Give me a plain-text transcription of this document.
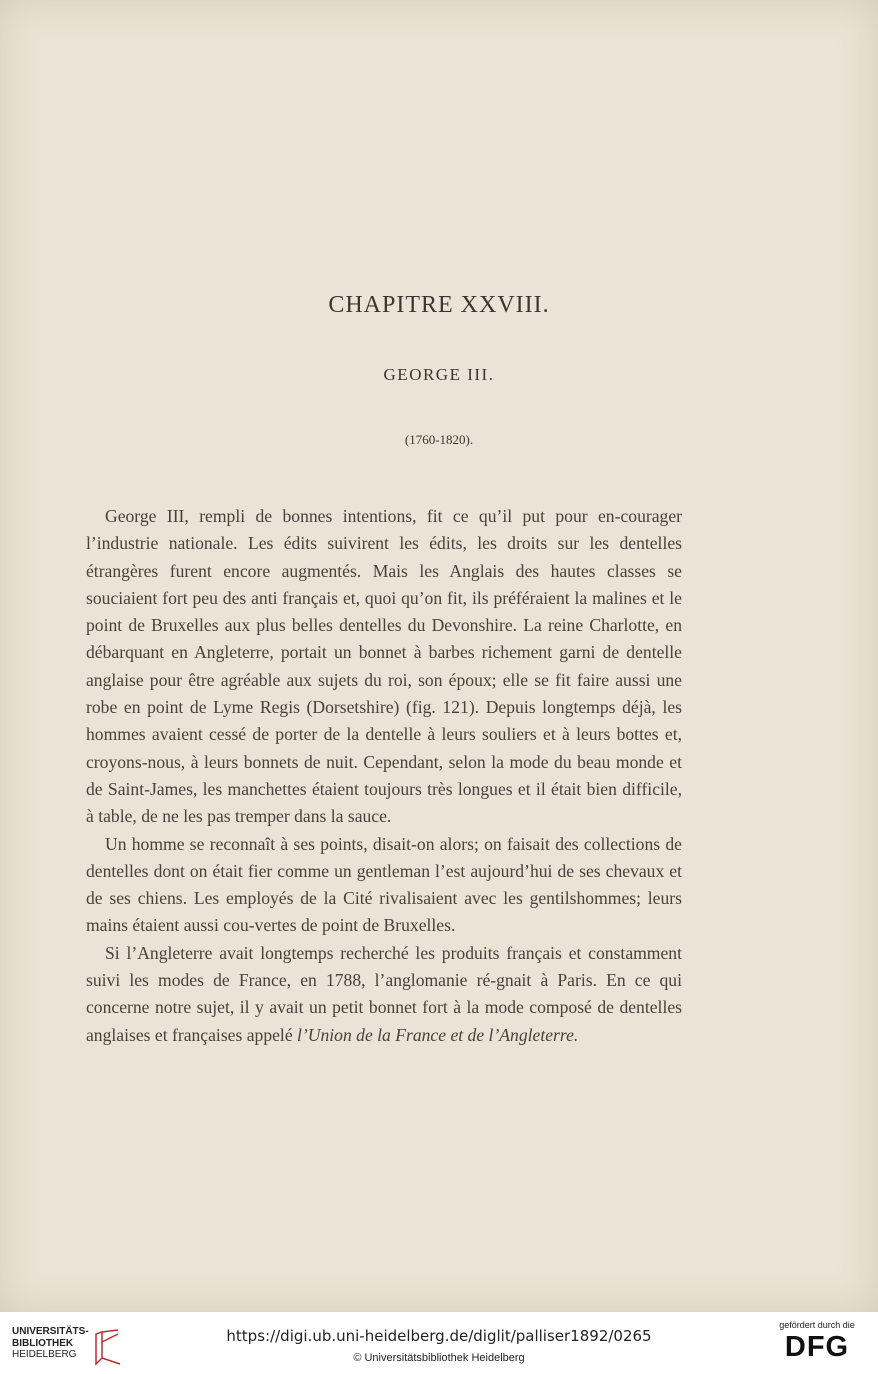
CHAPITRE XXVIII.
GEORGE III.
(1760-1820).

George III, rempli de bonnes intentions, fit ce qu’il put pour en-courager l’industrie nationale. Les édits suivirent les édits, les droits sur les dentelles étrangères furent encore augmentés. Mais les Anglais des hautes classes se souciaient fort peu des anti français et, quoi qu’on fit, ils préféraient la malines et le point de Bruxelles aux plus belles dentelles du Devonshire. La reine Charlotte, en débarquant en Angleterre, portait un bonnet à barbes richement garni de dentelle anglaise pour être agréable aux sujets du roi, son époux; elle se fit faire aussi une robe en point de Lyme Regis (Dorsetshire) (fig. 121). Depuis longtemps déjà, les hommes avaient cessé de porter de la dentelle à leurs souliers et à leurs bottes et, croyons-nous, à leurs bonnets de nuit. Cependant, selon la mode du beau monde et de Saint-James, les manchettes étaient toujours très longues et il était bien difficile, à table, de ne les pas tremper dans la sauce.

Un homme se reconnaît à ses points, disait-on alors; on faisait des collections de dentelles dont on était fier comme un gentleman l’est aujourd’hui de ses chevaux et de ses chiens. Les employés de la Cité rivalisaient avec les gentilshommes; leurs mains étaient aussi cou-vertes de point de Bruxelles.

Si l’Angleterre avait longtemps recherché les produits français et constamment suivi les modes de France, en 1788, l’anglomanie ré-gnait à Paris. En ce qui concerne notre sujet, il y avait un petit bonnet fort à la mode composé de dentelles anglaises et françaises appelé l’Union de la France et de l’Angleterre.

UNIVERSITÄTS-
BIBLIOTHEK
HEIDELBERG
https://digi.ub.uni-heidelberg.de/diglit/palliser1892/0265
© Universitätsbibliothek Heidelberg
gefördert durch die
DFG
